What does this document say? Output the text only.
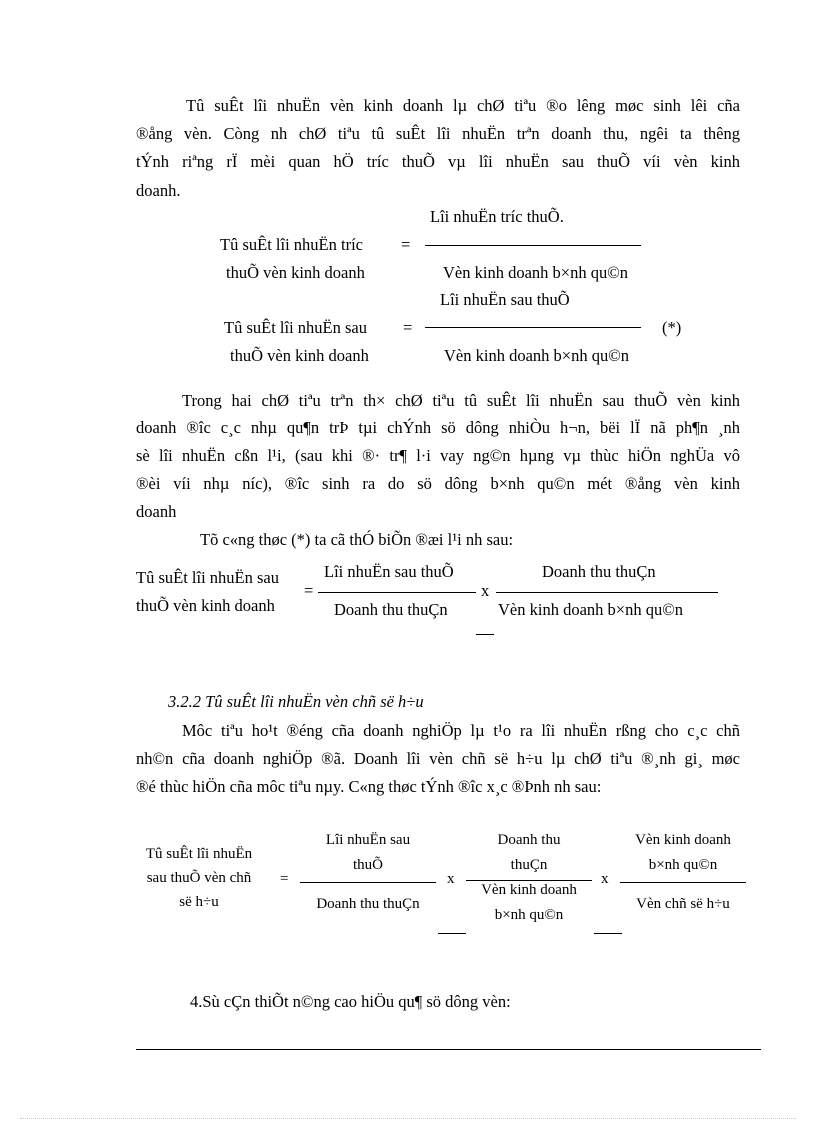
Tû suÊt lîi nhuËn vèn kinh doanh lµ chØ tiªu ®o lêng møc sinh lêi cña
®ång vèn. Còng nh chØ tiªu tû suÊt lîi nhuËn trªn doanh thu, ngêi ta thêng
tÝnh riªng rÏ mèi quan hÖ tríc thuÕ vµ lîi nhuËn sau thuÕ víi vèn kinh
doanh.
Tû suÊt lîi nhuËn tríc
thuÕ vèn kinh doanh
=
Lîi nhuËn tríc thuÕ.
Vèn kinh doanh b×nh qu©n
Lîi nhuËn sau thuÕ
Tû suÊt lîi nhuËn sau
thuÕ vèn kinh doanh
=	(*)
Vèn kinh doanh b×nh qu©n
Trong hai chØ tiªu trªn th× chØ tiªu tû suÊt lîi nhuËn sau thuÕ vèn kinh
doanh ®îc c¸c nhµ qu¶n trÞ tµi chÝnh sö dông nhiÒu h¬n, bëi lÏ nã ph¶n ¸nh
sè lîi nhuËn cßn l¹i, (sau khi ®· tr¶ l·i vay ng©n hµng vµ thùc hiÖn nghÜa vô
®èi víi nhµ níc), ®îc sinh ra do sö dông b×nh qu©n mét ®ång vèn kinh
doanh
Tõ c«ng thøc (*) ta cã thÓ biÕn ®æi l¹i nh sau:
Tû suÊt lîi nhuËn sau
thuÕ vèn kinh doanh
=
Lîi nhuËn sau thuÕ
Doanh thu thuÇn
x
Doanh thu thuÇn
Vèn kinh doanh b×nh qu©n
3.2.2 Tû suÊt lîi nhuËn vèn chñ së h÷u
Môc tiªu ho¹t ®éng cña doanh nghiÖp lµ t¹o ra lîi nhuËn rßng cho c¸c chñ
nh©n cña doanh nghiÖp ®ã. Doanh lîi vèn chñ së h÷u lµ chØ tiªu ®¸nh gi¸ møc
®é thùc hiÖn cña môc tiªu nµy. C«ng thøc tÝnh ®îc x¸c ®Þnh nh sau:
Tû suÊt lîi nhuËn
sau thuÕ vèn chñ
së h÷u
=
Lîi nhuËn sau
thuÕ
Doanh thu thuÇn
x
Doanh thu
thuÇn
Vèn kinh doanh
b×nh qu©n
x
Vèn kinh doanh
b×nh qu©n
Vèn chñ së h÷u
4.Sù cÇn thiÕt n©ng cao hiÖu qu¶ sö dông vèn:
